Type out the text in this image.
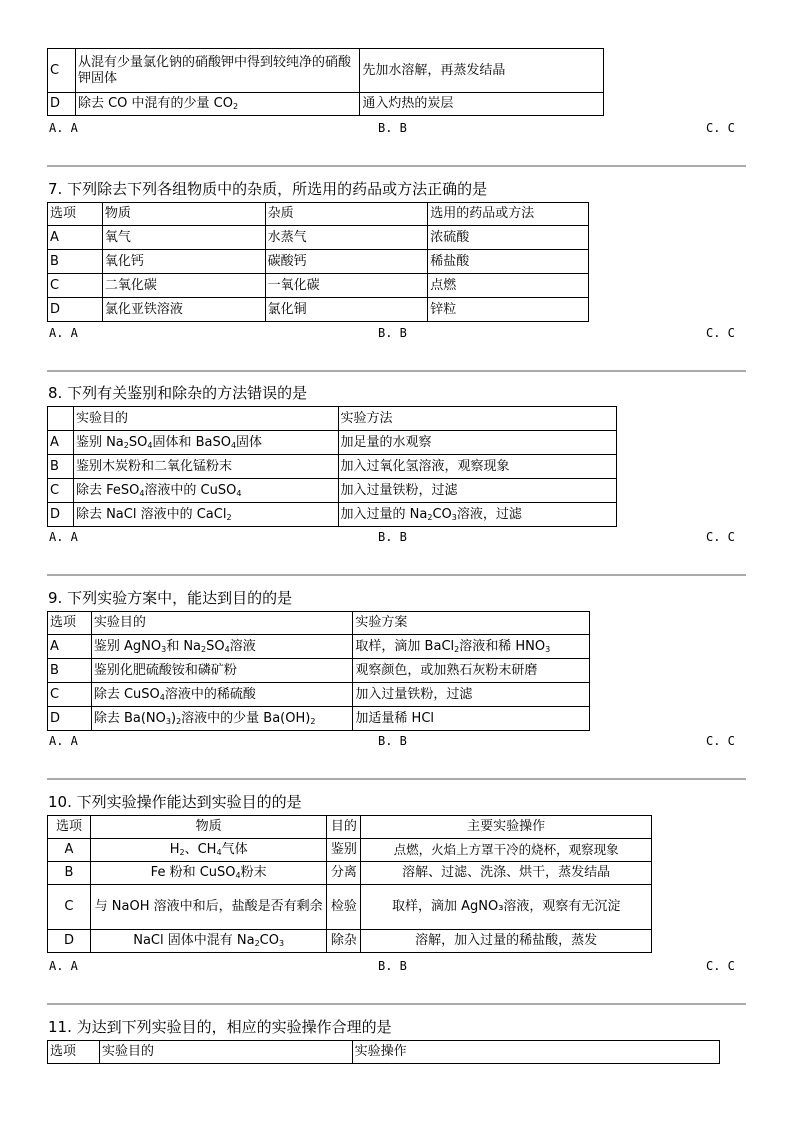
C	从混有少量氯化钠的硝酸钾中得到较纯净的硝酸钾固体	先加水溶解，再蒸发结晶
D	除去 CO 中混有的少量 $CO_2$	通入灼热的炭层
A. A	B. B	C. C
7. 下列除去下列各组物质中的杂质，所选用的药品或方法正确的是
选项	物质	杂质	选用的药品或方法
A	氧气	水蒸气	浓硫酸
B	氧化钙	碳酸钙	稀盐酸
C	二氧化碳	一氧化碳	点燃
D	氯化亚铁溶液	氯化铜	锌粒
A. A	B. B	C. C
8. 下列有关鉴别和除杂的方法错误的是
	实验目的	实验方法
A	鉴别 $Na_2SO_4$固体和 BaSO$_4$固体	加足量的水观察
B	鉴别木炭粉和二氧化锰粉末	加入过氧化氢溶液，观察现象
C	除去 FeSO$_4$溶液中的 CuSO$_4$	加入过量铁粉，过滤
D	除去 NaCl 溶液中的 CaCl$_2$	加入过量的 $Na_2CO_3$溶液，过滤
A. A	B. B	C. C
9. 下列实验方案中，能达到目的的是
选项	实验目的	实验方案
A	鉴别 AgNO$_3$和 $Na_2SO_4$溶液	取样，滴加 BaCl$_2$溶液和稀 $HNO_3$
B	鉴别化肥硫酸铵和磷矿粉	观察颜色，或加熟石灰粉末研磨
C	除去 CuSO$_4$溶液中的稀硫酸	加入过量铁粉，过滤
D	除去 $Ba(NO_3)_2$溶液中的少量 $Ba(OH)_2$	加适量稀 HCl
A. A	B. B	C. C
10. 下列实验操作能达到实验目的的是
选项	物质	目的	主要实验操作
A	$H_2$、$CH_4$气体	鉴别	点燃，火焰上方罩干冷的烧杯，观察现象
B	Fe 粉和 CuSO$_4$粉末	分离	溶解、过滤、洗涤、烘干，蒸发结晶
C	与 NaOH 溶液中和后，盐酸是否有剩余	检验	取样，滴加 AgNO₃溶液，观察有无沉淀
D	NaCl 固体中混有 $Na_2CO_3$	除杂	溶解，加入过量的稀盐酸，蒸发
A. A	B. B	C. C
11. 为达到下列实验目的，相应的实验操作合理的是
选项	实验目的	实验操作
